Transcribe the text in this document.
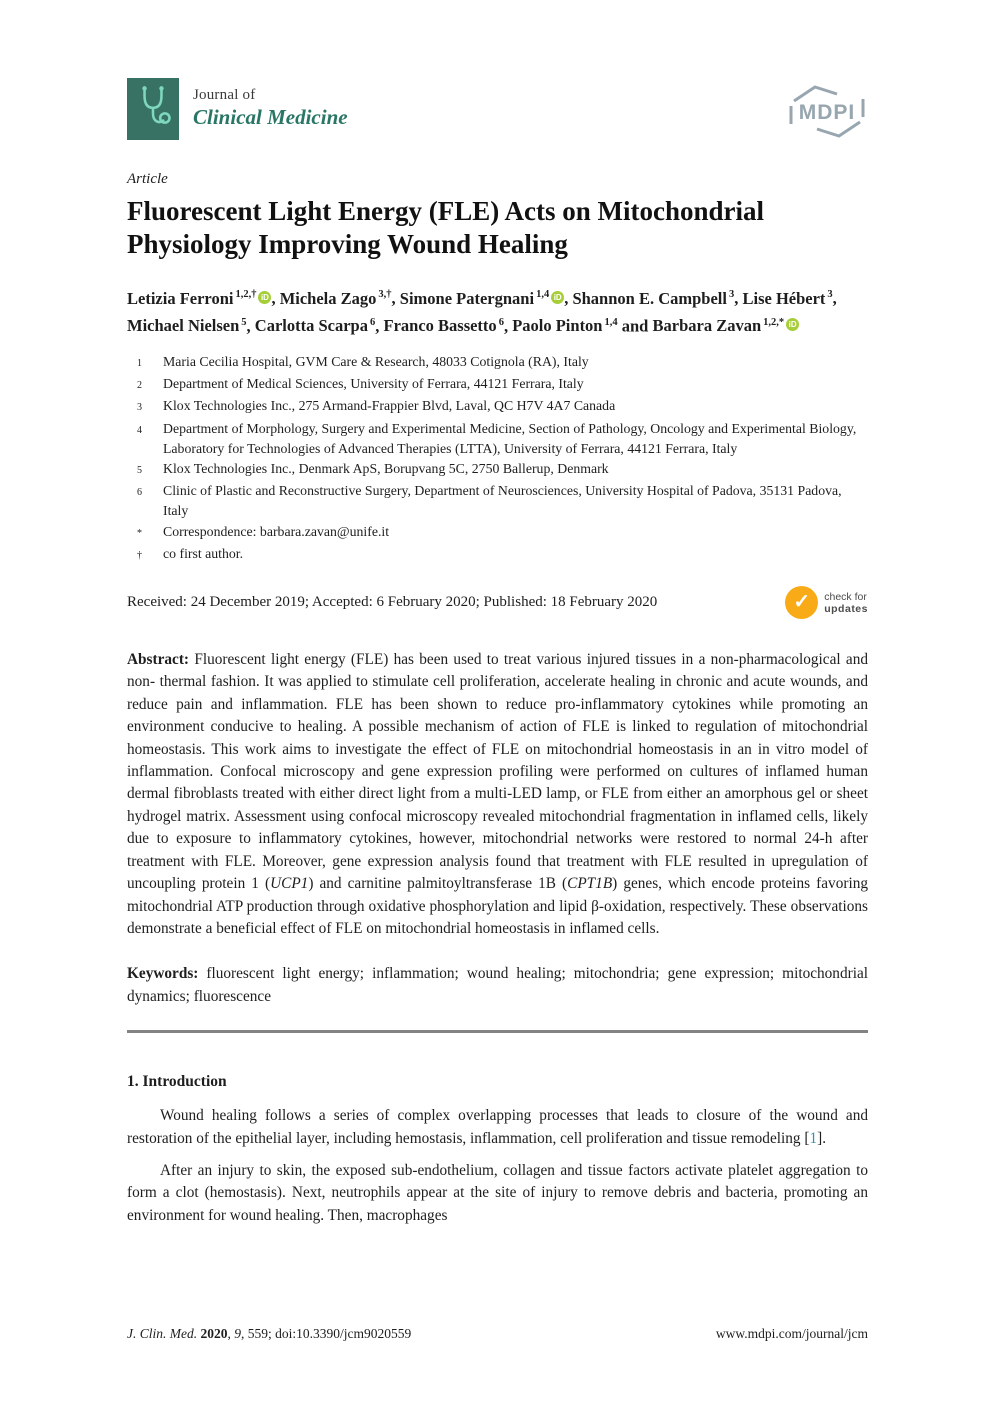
Journal of
Clinical Medicine	MDPI
Article
Fluorescent Light Energy (FLE) Acts on Mitochondrial Physiology Improving Wound Healing
Letizia Ferroni $^{1,2,\dagger}$ iD , Michela Zago $^{3,\dagger}$, Simone Patergnani $^{1,4}$ iD , Shannon E. Campbell $^3$, Lise Hébert $^3$, Michael Nielsen $^5$, Carlotta Scarpa $^6$, Franco Bassetto $^6$, Paolo Pinton $^{1,4}$ and Barbara Zavan $^{1,2,*}$ iD
1	Maria Cecilia Hospital, GVM Care & Research, 48033 Cotignola (RA), Italy
2	Department of Medical Sciences, University of Ferrara, 44121 Ferrara, Italy
3	Klox Technologies Inc., 275 Armand-Frappier Blvd, Laval, QC H7V 4A7 Canada
4	Department of Morphology, Surgery and Experimental Medicine, Section of Pathology, Oncology and Experimental Biology, Laboratory for Technologies of Advanced Therapies (LTTA), University of Ferrara, 44121 Ferrara, Italy
5	Klox Technologies Inc., Denmark ApS, Borupvang 5C, 2750 Ballerup, Denmark
6	Clinic of Plastic and Reconstructive Surgery, Department of Neurosciences, University Hospital of Padova, 35131 Padova, Italy
*	Correspondence: barbara.zavan@unife.it
†	co first author.
Received: 24 December 2019; Accepted: 6 February 2020; Published: 18 February 2020	✓	check for
updates

Abstract: Fluorescent light energy (FLE) has been used to treat various injured tissues in a non-pharmacological and non- thermal fashion. It was applied to stimulate cell proliferation, accelerate healing in chronic and acute wounds, and reduce pain and inflammation. FLE has been shown to reduce pro-inflammatory cytokines while promoting an environment conducive to healing. A possible mechanism of action of FLE is linked to regulation of mitochondrial homeostasis. This work aims to investigate the effect of FLE on mitochondrial homeostasis in an in vitro model of inflammation. Confocal microscopy and gene expression profiling were performed on cultures of inflamed human dermal fibroblasts treated with either direct light from a multi-LED lamp, or FLE from either an amorphous gel or sheet hydrogel matrix. Assessment using confocal microscopy revealed mitochondrial fragmentation in inflamed cells, likely due to exposure to inflammatory cytokines, however, mitochondrial networks were restored to normal 24-h after treatment with FLE. Moreover, gene expression analysis found that treatment with FLE resulted in upregulation of uncoupling protein 1 (UCP1) and carnitine palmitoyltransferase 1B (CPT1B) genes, which encode proteins favoring mitochondrial ATP production through oxidative phosphorylation and lipid β-oxidation, respectively. These observations demonstrate a beneficial effect of FLE on mitochondrial homeostasis in inflamed cells.

Keywords: fluorescent light energy; inflammation; wound healing; mitochondria; gene expression; mitochondrial dynamics; fluorescence

1. Introduction

Wound healing follows a series of complex overlapping processes that leads to closure of the wound and restoration of the epithelial layer, including hemostasis, inflammation, cell proliferation and tissue remodeling [1].

After an injury to skin, the exposed sub-endothelium, collagen and tissue factors activate platelet aggregation to form a clot (hemostasis). Next, neutrophils appear at the site of injury to remove debris and bacteria, promoting an environment for wound healing. Then, macrophages

J. Clin. Med. 2020, 9, 559; doi:10.3390/jcm9020559	www.mdpi.com/journal/jcm
